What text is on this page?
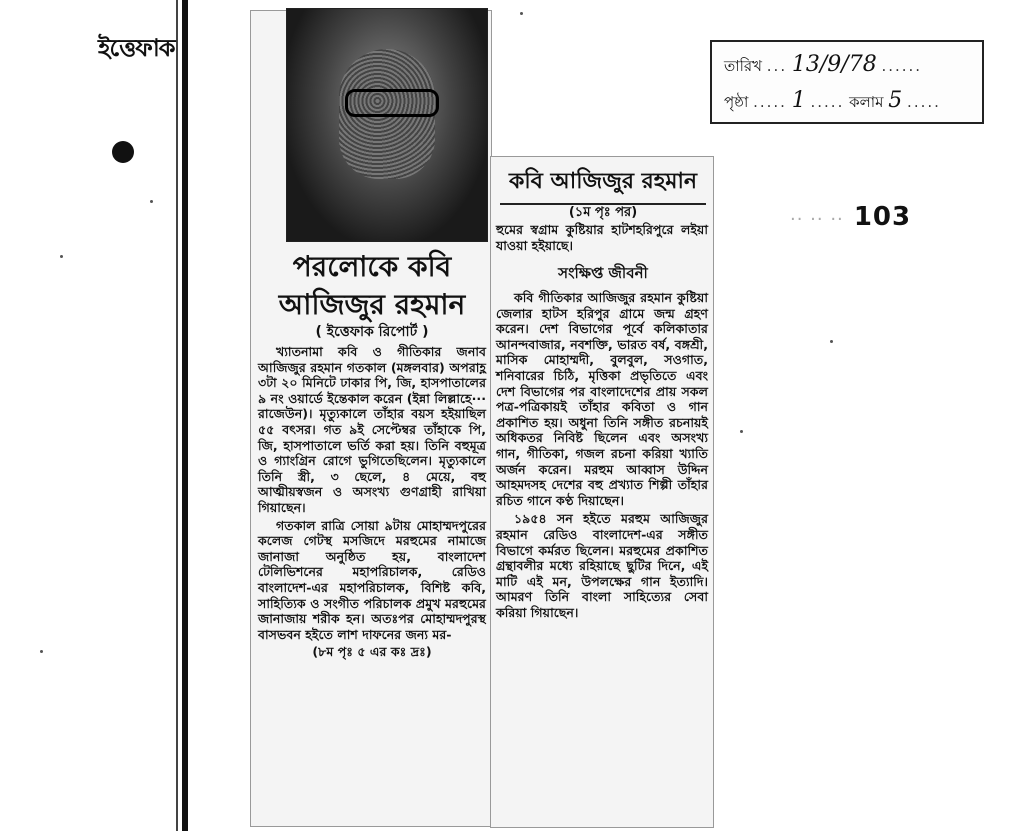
ইত্তেফাক
তারিখ ... 13/9/78 ......
পৃষ্ঠা ..... 1 ..... কলাম 5 .....
·· ·· ·· 103
পরলোকে কবি
আজিজুর রহমান
( ইত্তেফাক রিপোর্ট )

খ্যাতনামা কবি ও গীতিকার জনাব আজিজুর রহমান গতকাল (মঙ্গলবার) অপরাহ্ণ ৩টা ২০ মিনিটে ঢাকার পি, জি, হাসপাতালের ৯ নং ওয়ার্ডে ইন্তেকাল করেন (ইন্না লিল্লাহে··· রাজেউন)। মৃত্যুকালে তাঁহার বয়স হইয়াছিল ৫৫ বৎসর। গত ৯ই সেপ্টেম্বর তাঁহাকে পি, জি, হাসপাতালে ভর্তি করা হয়। তিনি বহুমূত্র ও গ্যাংগ্রিন রোগে ভুগিতেছিলেন। মৃত্যুকালে তিনি স্ত্রী, ৩ ছেলে, ৪ মেয়ে, বহু আত্মীয়স্বজন ও অসংখ্য গুণগ্রাহী রাখিয়া গিয়াছেন।

গতকাল রাত্রি সোয়া ৯টায় মোহাম্মদপুরের কলেজ গেটস্থ মসজিদে মরহুমের নামাজে জানাজা অনুষ্ঠিত হয়, বাংলাদেশ টেলিভিশনের মহাপরিচালক, রেডিও বাংলাদেশ-এর মহাপরিচালক, বিশিষ্ট কবি, সাহিত্যিক ও সংগীত পরিচালক প্রমুখ মরহুমের জানাজায় শরীক হন। অতঃপর মোহাম্মদপুরস্থ বাসভবন হইতে লাশ দাফনের জন্য মর-

(৮ম পৃঃ ৫ এর কঃ দ্রঃ)

কবি আজিজুর রহমান
(১ম পৃঃ পর)
হুমের স্বগ্রাম কুষ্টিয়ার হাটশহরিপুরে লইয়া যাওয়া হইয়াছে।
সংক্ষিপ্ত জীবনী

কবি গীতিকার আজিজুর রহমান কুষ্টিয়া জেলার হাটস হরিপুর গ্রামে জন্ম গ্রহণ করেন। দেশ বিভাগের পূর্বে কলিকাতার আনন্দবাজার, নবশক্তি, ভারত বর্ষ, বঙ্গশ্রী, মাসিক মোহাম্মদী, বুলবুল, সওগাত, শনিবারের চিঠি, মৃত্তিকা প্রভৃতিতে এবং দেশ বিভাগের পর বাংলাদেশের প্রায় সকল পত্র-পত্রিকায়ই তাঁহার কবিতা ও গান প্রকাশিত হয়। অধুনা তিনি সঙ্গীত রচনায়ই অধিকতর নিবিষ্ট ছিলেন এবং অসংখ্য গান, গীতিকা, গজল রচনা করিয়া খ্যাতি অর্জন করেন। মরহুম আব্বাস উদ্দিন আহমদসহ দেশের বহু প্রখ্যাত শিল্পী তাঁহার রচিত গানে কণ্ঠ দিয়াছেন।

১৯৫৪ সন হইতে মরহুম আজিজুর রহমান রেডিও বাংলাদেশ-এর সঙ্গীত বিভাগে কর্মরত ছিলেন। মরহুমের প্রকাশিত গ্রন্থাবলীর মধ্যে রহিয়াছে ছুটির দিনে, এই মাটি এই মন, উপলক্ষের গান ইত্যাদি। আমরণ তিনি বাংলা সাহিত্যের সেবা করিয়া গিয়াছেন।
